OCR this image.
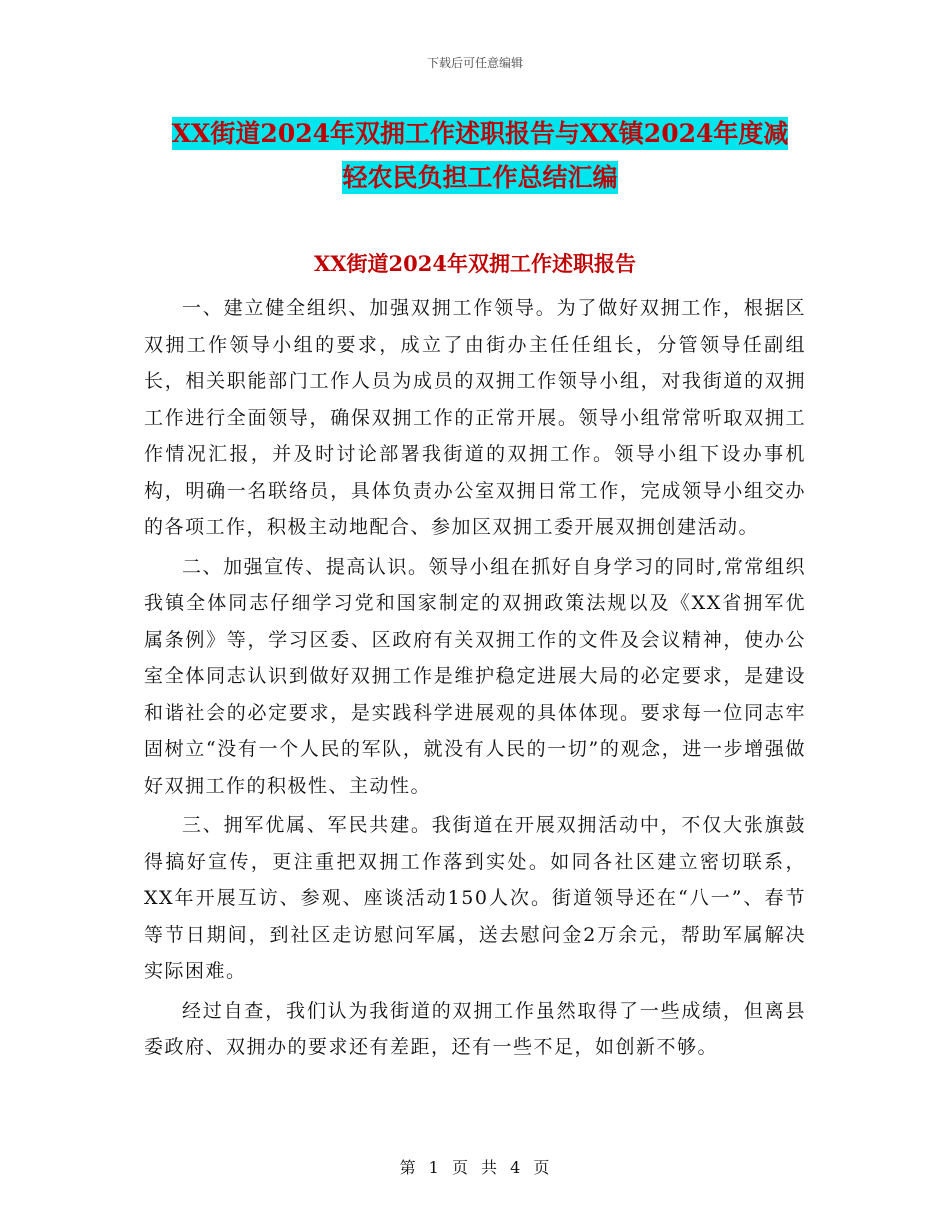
下载后可任意编辑
XX街道2024年双拥工作述职报告与XX镇2024年度减
轻农民负担工作总结汇编
XX街道2024年双拥工作述职报告

一、建立健全组织、加强双拥工作领导。为了做好双拥工作，根据区双拥工作领导小组的要求，成立了由街办主任任组长，分管领导任副组长，相关职能部门工作人员为成员的双拥工作领导小组，对我街道的双拥工作进行全面领导，确保双拥工作的正常开展。领导小组常常听取双拥工作情况汇报，并及时讨论部署我街道的双拥工作。领导小组下设办事机构，明确一名联络员，具体负责办公室双拥日常工作，完成领导小组交办的各项工作，积极主动地配合、参加区双拥工委开展双拥创建活动。

二、加强宣传、提高认识。领导小组在抓好自身学习的同时,常常组织我镇全体同志仔细学习党和国家制定的双拥政策法规以及《XX省拥军优属条例》等，学习区委、区政府有关双拥工作的文件及会议精神，使办公室全体同志认识到做好双拥工作是维护稳定进展大局的必定要求，是建设和谐社会的必定要求，是实践科学进展观的具体体现。要求每一位同志牢固树立“没有一个人民的军队，就没有人民的一切”的观念，进一步增强做好双拥工作的积极性、主动性。

三、拥军优属、军民共建。我街道在开展双拥活动中，不仅大张旗鼓得搞好宣传，更注重把双拥工作落到实处。如同各社区建立密切联系，XX年开展互访、参观、座谈活动150人次。街道领导还在“八一”、春节等节日期间，到社区走访慰问军属，送去慰问金2万余元，帮助军属解决实际困难。

经过自查，我们认为我街道的双拥工作虽然取得了一些成绩，但离县委政府、双拥办的要求还有差距，还有一些不足，如创新不够。

第 1 页 共 4 页
